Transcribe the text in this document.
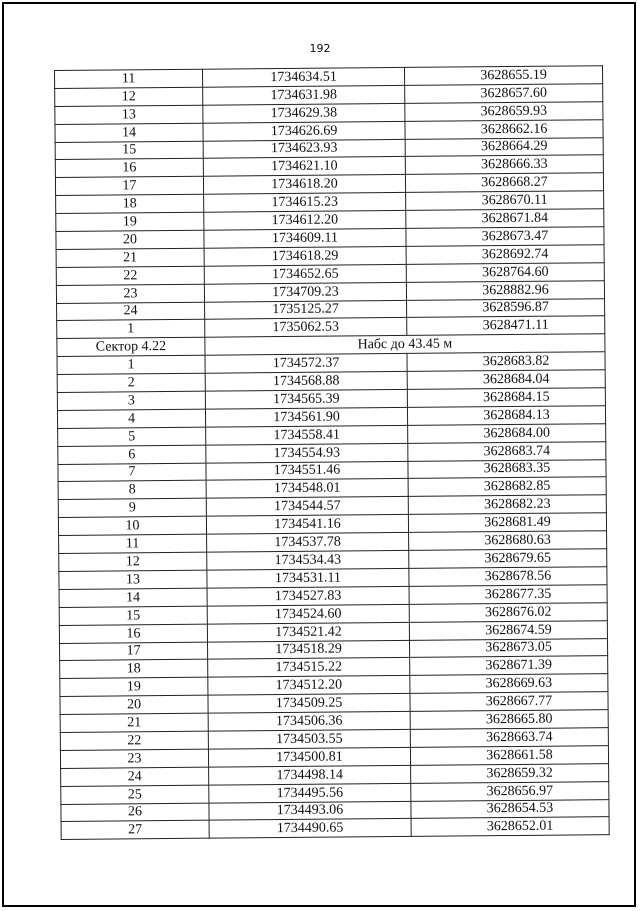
192
11	1734634.51	3628655.19
12	1734631.98	3628657.60
13	1734629.38	3628659.93
14	1734626.69	3628662.16
15	1734623.93	3628664.29
16	1734621.10	3628666.33
17	1734618.20	3628668.27
18	1734615.23	3628670.11
19	1734612.20	3628671.84
20	1734609.11	3628673.47
21	1734618.29	3628692.74
22	1734652.65	3628764.60
23	1734709.23	3628882.96
24	1735125.27	3628596.87
1	1735062.53	3628471.11
Сектор 4.22	Набс до 43.45 м	
1	1734572.37	3628683.82
2	1734568.88	3628684.04
3	1734565.39	3628684.15
4	1734561.90	3628684.13
5	1734558.41	3628684.00
6	1734554.93	3628683.74
7	1734551.46	3628683.35
8	1734548.01	3628682.85
9	1734544.57	3628682.23
10	1734541.16	3628681.49
11	1734537.78	3628680.63
12	1734534.43	3628679.65
13	1734531.11	3628678.56
14	1734527.83	3628677.35
15	1734524.60	3628676.02
16	1734521.42	3628674.59
17	1734518.29	3628673.05
18	1734515.22	3628671.39
19	1734512.20	3628669.63
20	1734509.25	3628667.77
21	1734506.36	3628665.80
22	1734503.55	3628663.74
23	1734500.81	3628661.58
24	1734498.14	3628659.32
25	1734495.56	3628656.97
26	1734493.06	3628654.53
27	1734490.65	3628652.01
